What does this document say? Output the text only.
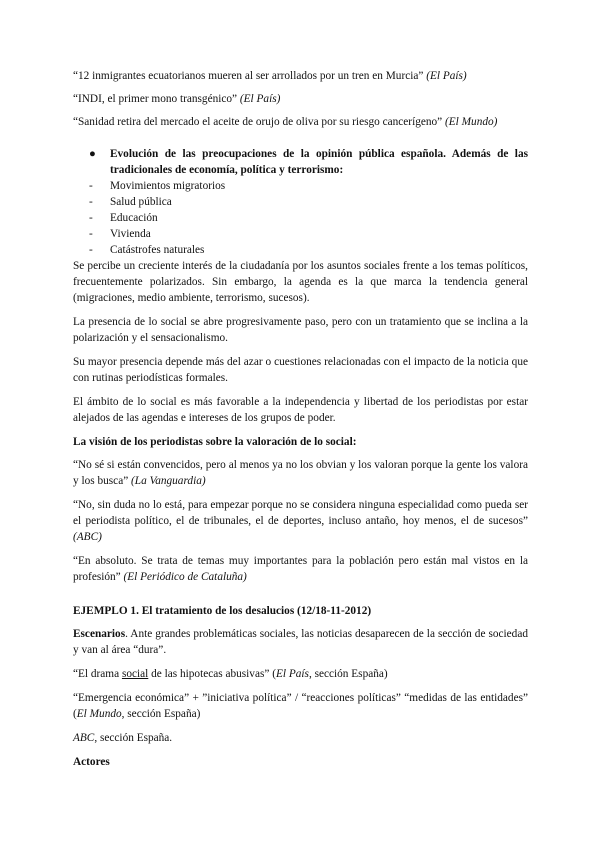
“12 inmigrantes ecuatorianos mueren al ser arrollados por un tren en Murcia” (El País)

“INDI, el primer mono transgénico” (El País)

“Sanidad retira del mercado el aceite de orujo de oliva por su riesgo cancerígeno” (El Mundo)

● Evolución de las preocupaciones de la opinión pública española. Además de las tradicionales de economía, política y terrorismo:
- Movimientos migratorios
- Salud pública
- Educación
- Vivienda
- Catástrofes naturales

Se percibe un creciente interés de la ciudadanía por los asuntos sociales frente a los temas políticos, frecuentemente polarizados. Sin embargo, la agenda es la que marca la tendencia general (migraciones, medio ambiente, terrorismo, sucesos).

La presencia de lo social se abre progresivamente paso, pero con un tratamiento que se inclina a la polarización y el sensacionalismo.

Su mayor presencia depende más del azar o cuestiones relacionadas con el impacto de la noticia que con rutinas periodísticas formales.

El ámbito de lo social es más favorable a la independencia y libertad de los periodistas por estar alejados de las agendas e intereses de los grupos de poder.

La visión de los periodistas sobre la valoración de lo social:

“No sé si están convencidos, pero al menos ya no los obvian y los valoran porque la gente los valora y los busca” (La Vanguardia)

“No, sin duda no lo está, para empezar porque no se considera ninguna especialidad como pueda ser el periodista político, el de tribunales, el de deportes, incluso antaño, hoy menos, el de sucesos” (ABC)

“En absoluto. Se trata de temas muy importantes para la población pero están mal vistos en la profesión” (El Periódico de Cataluña)

EJEMPLO 1. El tratamiento de los desalucios (12/18-11-2012)

Escenarios. Ante grandes problemáticas sociales, las noticias desaparecen de la sección de sociedad y van al área “dura”.

“El drama social de las hipotecas abusivas” (El País, sección España)

“Emergencia económica” + ”iniciativa política” / “reacciones políticas” “medidas de las entidades” (El Mundo, sección España)

ABC, sección España.

Actores
